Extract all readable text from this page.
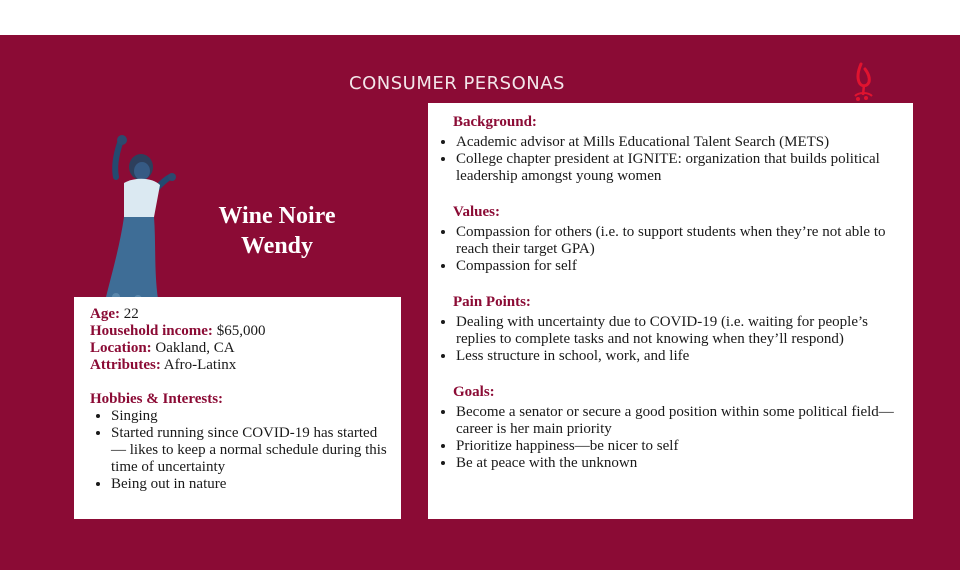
CONSUMER PERSONAS
Wine Noire
Wendy
Age: 22
Household income: $65,000
Location: Oakland, CA
Attributes: Afro-Latinx
Hobbies & Interests:
• Singing
• Started running since COVID-19 has started— likes to keep a normal schedule during this time of uncertainty
• Being out in nature
Background:
• Academic advisor at Mills Educational Talent Search (METS)
• College chapter president at IGNITE: organization that builds political leadership amongst young women
Values:
• Compassion for others (i.e. to support students when they’re not able to reach their target GPA)
• Compassion for self
Pain Points:
• Dealing with uncertainty due to COVID-19 (i.e. waiting for people’s replies to complete tasks and not knowing when they’ll respond)
• Less structure in school, work, and life
Goals:
• Become a senator or secure a good position within some political field— career is her main priority
• Prioritize happiness—be nicer to self
• Be at peace with the unknown
